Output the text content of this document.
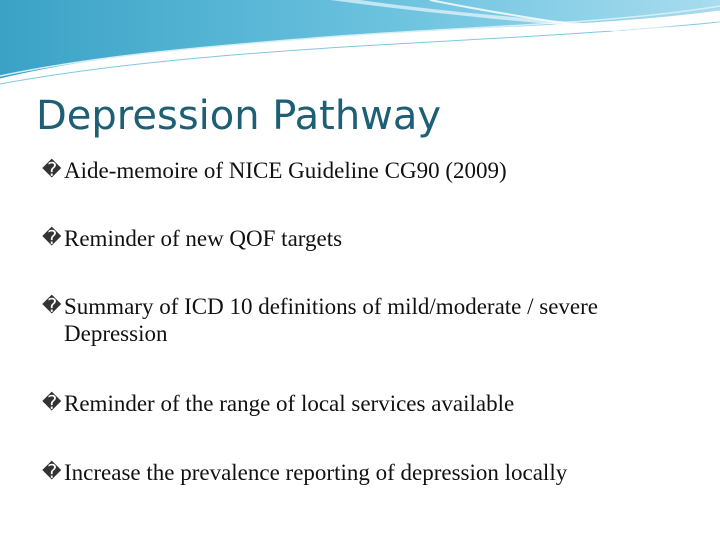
Depression Pathway
� Aide-memoire of NICE Guideline CG90 (2009)
� Reminder of new QOF targets
� Summary of ICD 10 definitions of mild/moderate / severe Depression
� Reminder of the range of local services available
� Increase the prevalence reporting of depression locally
